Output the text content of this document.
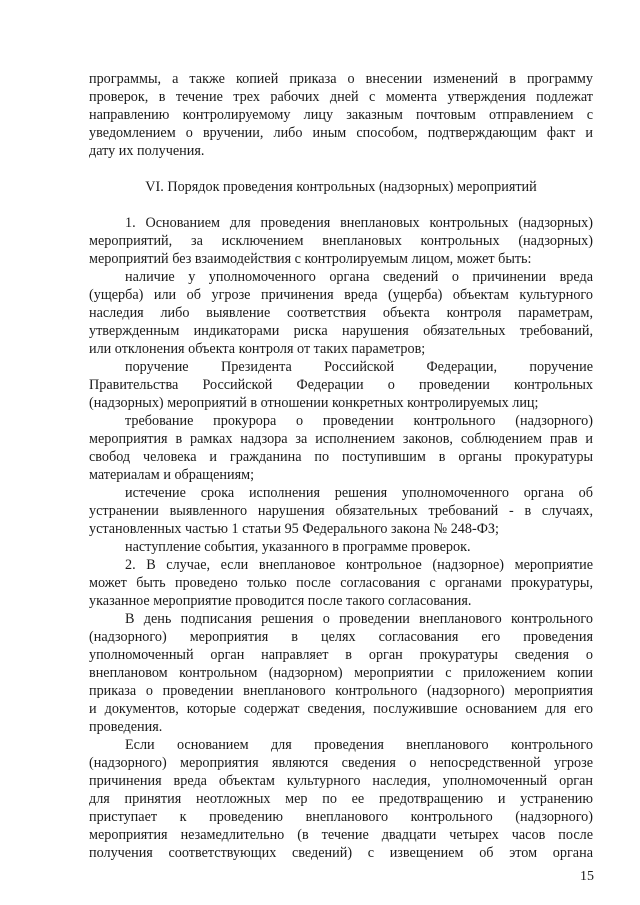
программы, а также копией приказа о внесении изменений в программу
проверок, в течение трех рабочих дней с момента утверждения подлежат
направлению контролируемому лицу заказным почтовым отправлением с
уведомлением о вручении, либо иным способом, подтверждающим факт и
дату их получения.
VI. Порядок проведения контрольных (надзорных) мероприятий
1. Основанием для проведения внеплановых контрольных (надзорных)
мероприятий, за исключением внеплановых контрольных (надзорных)
мероприятий без взаимодействия с контролируемым лицом, может быть:
наличие у уполномоченного органа сведений о причинении вреда
(ущерба) или об угрозе причинения вреда (ущерба) объектам культурного
наследия либо выявление соответствия объекта контроля параметрам,
утвержденным индикаторами риска нарушения обязательных требований,
или отклонения объекта контроля от таких параметров;
поручение Президента Российской Федерации, поручение
Правительства Российской Федерации о проведении контрольных
(надзорных) мероприятий в отношении конкретных контролируемых лиц;
требование прокурора о проведении контрольного (надзорного)
мероприятия в рамках надзора за исполнением законов, соблюдением прав и
свобод человека и гражданина по поступившим в органы прокуратуры
материалам и обращениям;
истечение срока исполнения решения уполномоченного органа об
устранении выявленного нарушения обязательных требований - в случаях,
установленных частью 1 статьи 95 Федерального закона № 248-ФЗ;
наступление события, указанного в программе проверок.
2. В случае, если внеплановое контрольное (надзорное) мероприятие
может быть проведено только после согласования с органами прокуратуры,
указанное мероприятие проводится после такого согласования.
В день подписания решения о проведении внепланового контрольного
(надзорного) мероприятия в целях согласования его проведения
уполномоченный орган направляет в орган прокуратуры сведения о
внеплановом контрольном (надзорном) мероприятии с приложением копии
приказа о проведении внепланового контрольного (надзорного) мероприятия
и документов, которые содержат сведения, послужившие основанием для его
проведения.
Если основанием для проведения внепланового контрольного
(надзорного) мероприятия являются сведения о непосредственной угрозе
причинения вреда объектам культурного наследия, уполномоченный орган
для принятия неотложных мер по ее предотвращению и устранению
приступает к проведению внепланового контрольного (надзорного)
мероприятия незамедлительно (в течение двадцати четырех часов после
получения соответствующих сведений) с извещением об этом органа
15
